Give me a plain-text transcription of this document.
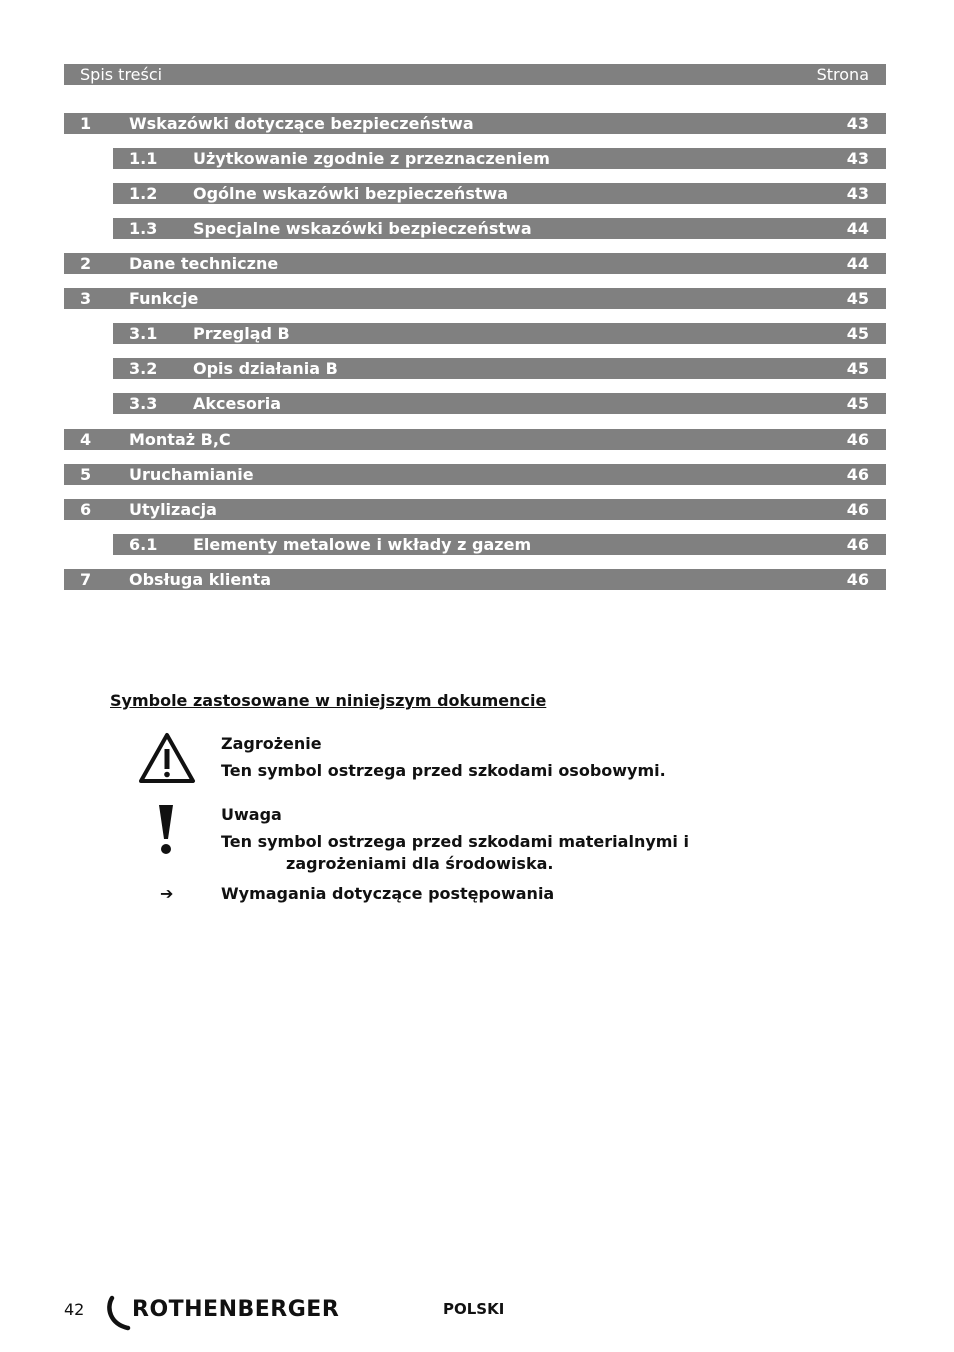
Spis treści	Strona
1 Wskazówki dotyczące bezpieczeństwa	43
1.1 Użytkowanie zgodnie z przeznaczeniem	43
1.2 Ogólne wskazówki bezpieczeństwa	43
1.3 Specjalne wskazówki bezpieczeństwa	44
2 Dane techniczne	44
3 Funkcje	45
3.1 Przegląd B	45
3.2 Opis działania B	45
3.3 Akcesoria	45
4 Montaż B,C	46
5 Uruchamianie	46
6 Utylizacja	46
6.1 Elementy metalowe i wkłady z gazem	46
7 Obsługa klienta	46
Symbole zastosowane w niniejszym dokumencie
Zagrożenie
Ten symbol ostrzega przed szkodami osobowymi.
Uwaga
Ten symbol ostrzega przed szkodami materialnymi i
zagrożeniami dla środowiska.
➔	Wymagania dotyczące postępowania
42 ROTHENBERGER	POLSKI
